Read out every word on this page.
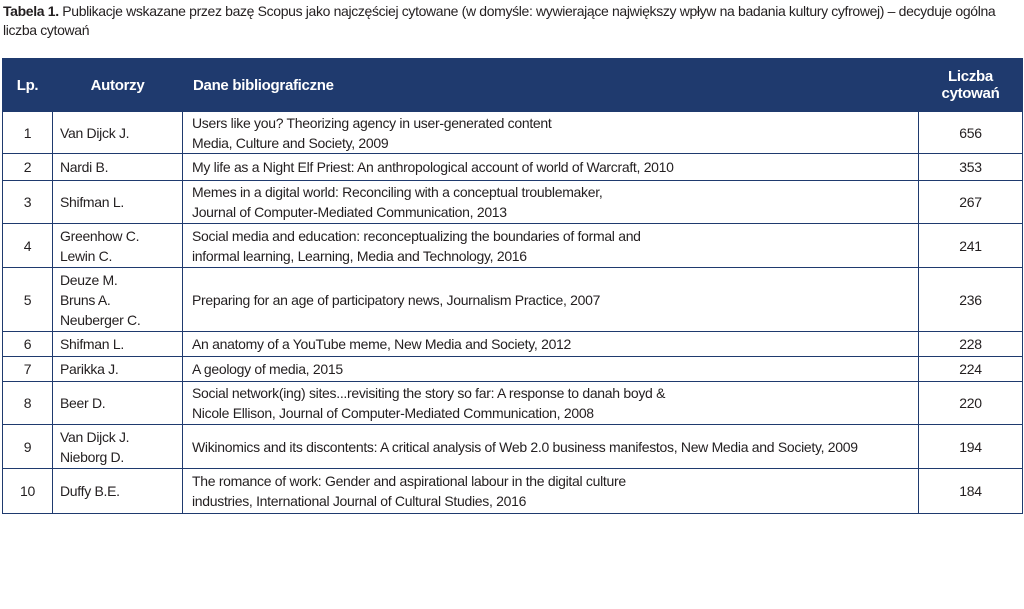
Tabela 1. Publikacje wskazane przez bazę Scopus jako najczęściej cytowane (w domyśle: wywierające największy wpływ na badania kultury cyfrowej) – decyduje ogólna liczba cytowań
Lp.	Autorzy	Dane bibliograficzne	Liczba
cytowań

1	Van Dijck J.	Users like you? Theorizing agency in user-generated content
Media, Culture and Society, 2009	656
2	Nardi B.	My life as a Night Elf Priest: An anthropological account of world of Warcraft, 2010	353
3	Shifman L.	Memes in a digital world: Reconciling with a conceptual troublemaker,
Journal of Computer-Mediated Communication, 2013	267
4	Greenhow C.
Lewin C.	Social media and education: reconceptualizing the boundaries of formal and
informal learning, Learning, Media and Technology, 2016	241
5	Deuze M.
Bruns A.
Neuberger C.	Preparing for an age of participatory news, Journalism Practice, 2007	236
6	Shifman L.	An anatomy of a YouTube meme, New Media and Society, 2012	228
7	Parikka J.	A geology of media, 2015	224
8	Beer D.	Social network(ing) sites...revisiting the story so far: A response to danah boyd &
Nicole Ellison, Journal of Computer-Mediated Communication, 2008	220
9	Van Dijck J.
Nieborg D.	Wikinomics and its discontents: A critical analysis of Web 2.0 business manifestos, New Media and Society, 2009	194
10	Duffy B.E.	The romance of work: Gender and aspirational labour in the digital culture
industries, International Journal of Cultural Studies, 2016	184
